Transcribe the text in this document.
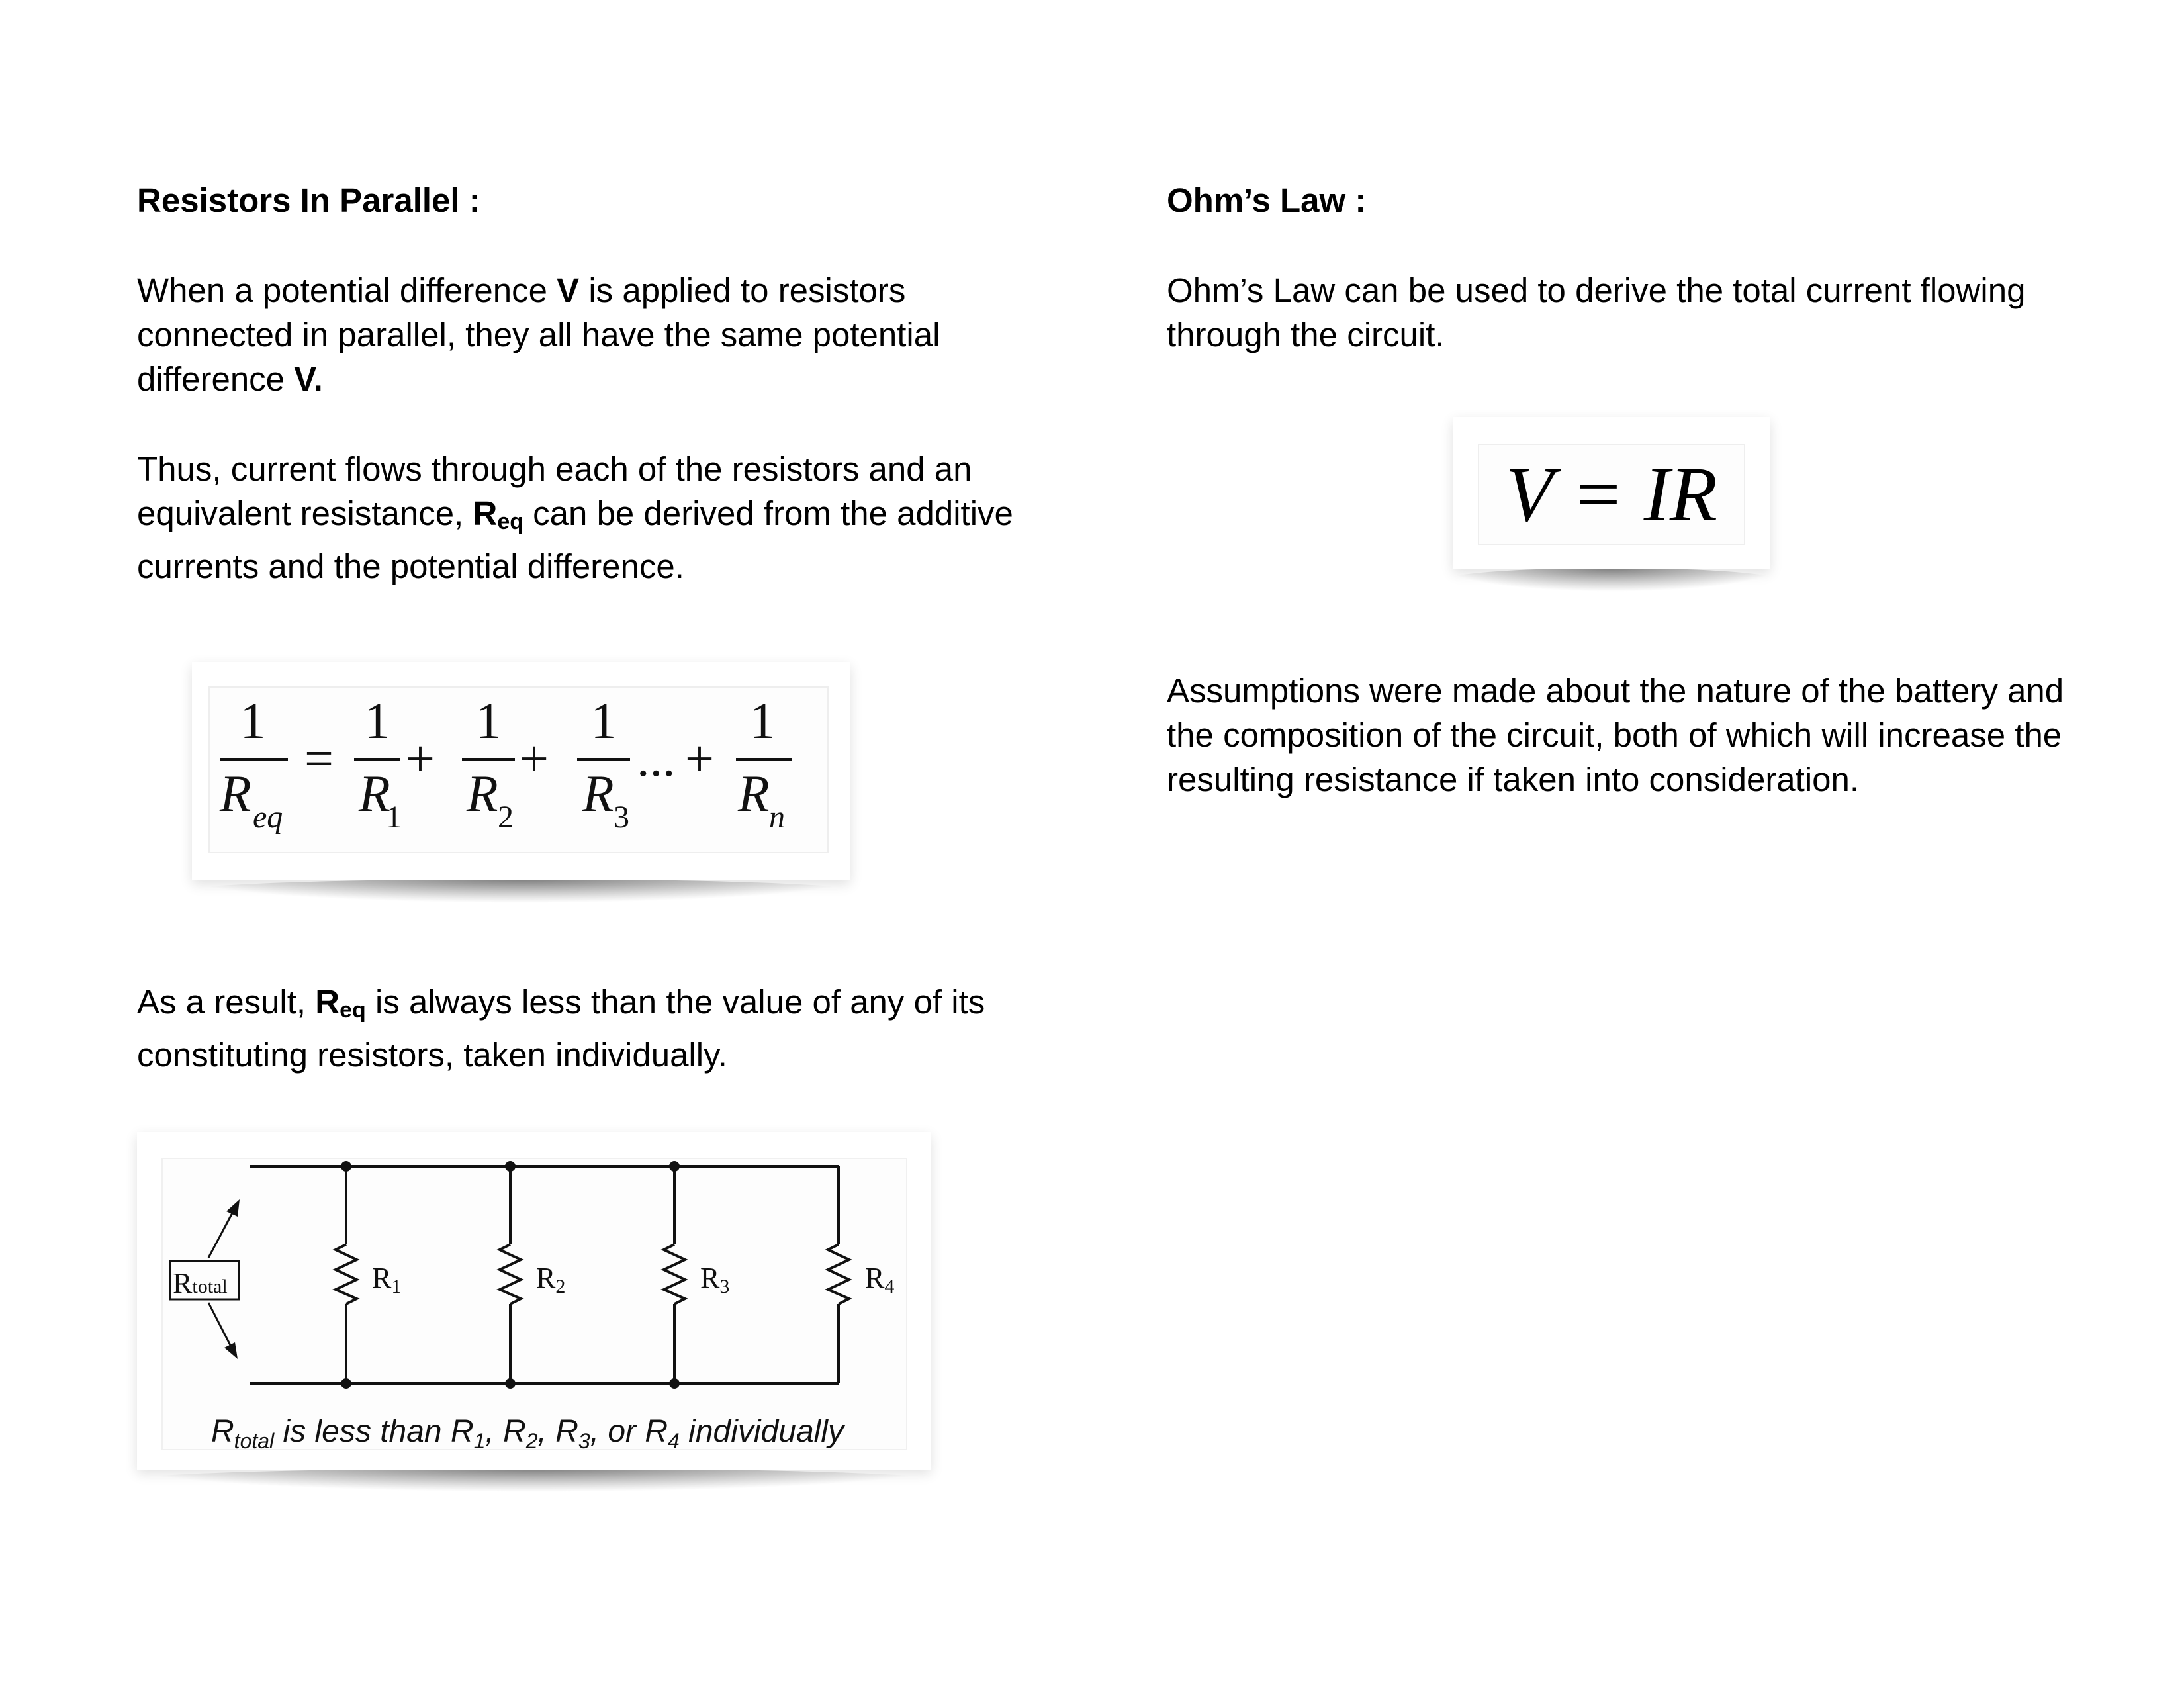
Resistors In Parallel :

When a potential difference V is applied to resistors connected in parallel, they all have the same potential difference V.

Thus, current flows through each of the resistors and an equivalent resistance, $R_{eq}$ can be derived from the additive currents and the potential difference.

1
R eq
=
1
R
1
+
1
R 2
+
1
R 3
... +
1
R n

As a result, $R_{eq}$ is always less than the value of any of its constituting resistors, taken individually.

Rtotal	R1	R2	R3	R4
$R_{total}$ is less than $R_1$, $R_2$, $R_3$, or $R_4$ individually
Ohm’s Law :

Ohm’s Law can be used to derive the total current flowing through the circuit.

V = IR

Assumptions were made about the nature of the battery and the composition of the circuit, both of which will increase the resulting resistance if taken into consideration.
